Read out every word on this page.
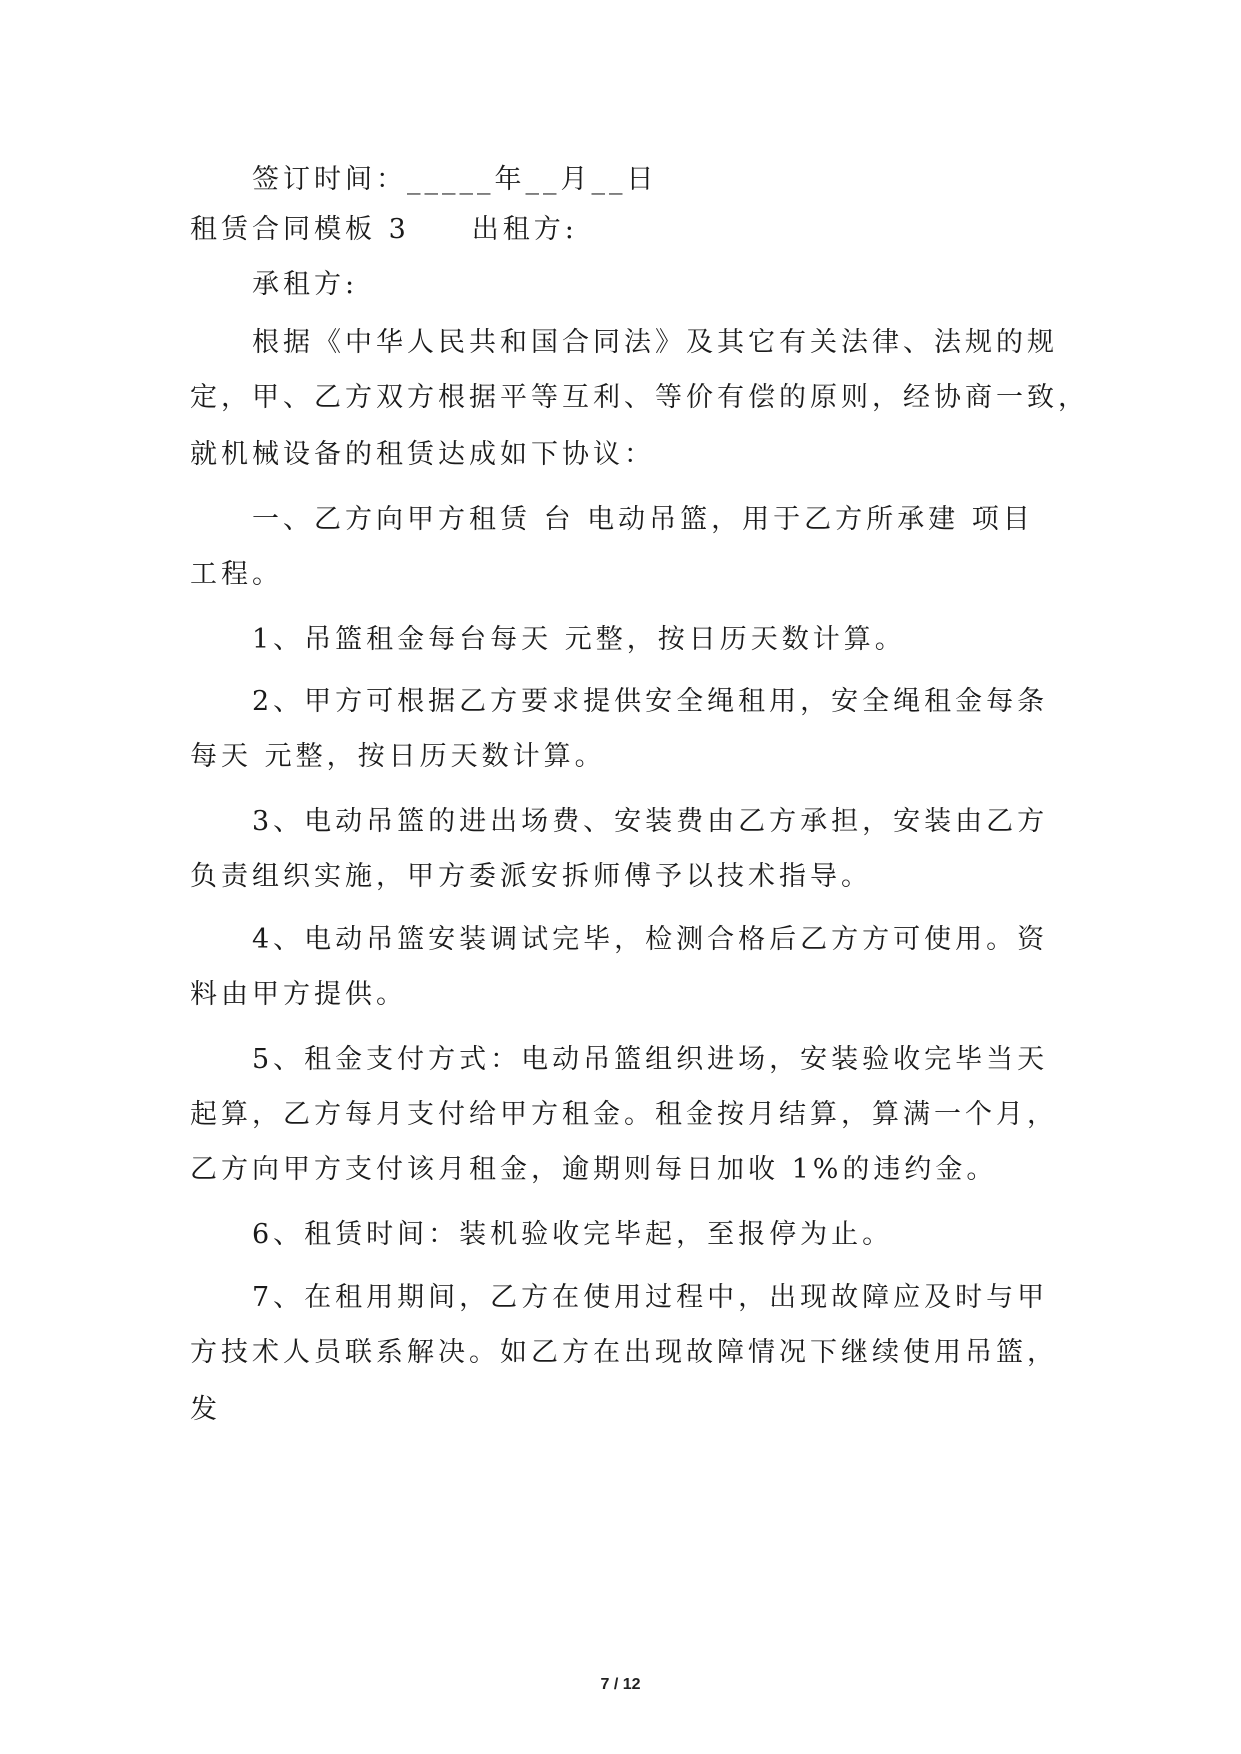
签订时间：_____年__月__日
租赁合同模板 3　　出租方:
承租方:
根据《中华人民共和国合同法》及其它有关法律、法规的规
定，甲、乙方双方根据平等互利、等价有偿的原则，经协商一致，
就机械设备的租赁达成如下协议：
一、乙方向甲方租赁 台 电动吊篮，用于乙方所承建 项目
工程。
1、吊篮租金每台每天 元整，按日历天数计算。
2、甲方可根据乙方要求提供安全绳租用，安全绳租金每条
每天 元整，按日历天数计算。
3、电动吊篮的进出场费、安装费由乙方承担，安装由乙方
负责组织实施，甲方委派安拆师傅予以技术指导。
4、电动吊篮安装调试完毕，检测合格后乙方方可使用。资
料由甲方提供。
5、租金支付方式：电动吊篮组织进场，安装验收完毕当天
起算，乙方每月支付给甲方租金。租金按月结算，算满一个月，
乙方向甲方支付该月租金，逾期则每日加收 1%的违约金。
6、租赁时间：装机验收完毕起，至报停为止。
7、在租用期间，乙方在使用过程中，出现故障应及时与甲
方技术人员联系解决。如乙方在出现故障情况下继续使用吊篮，
发
7 / 12
